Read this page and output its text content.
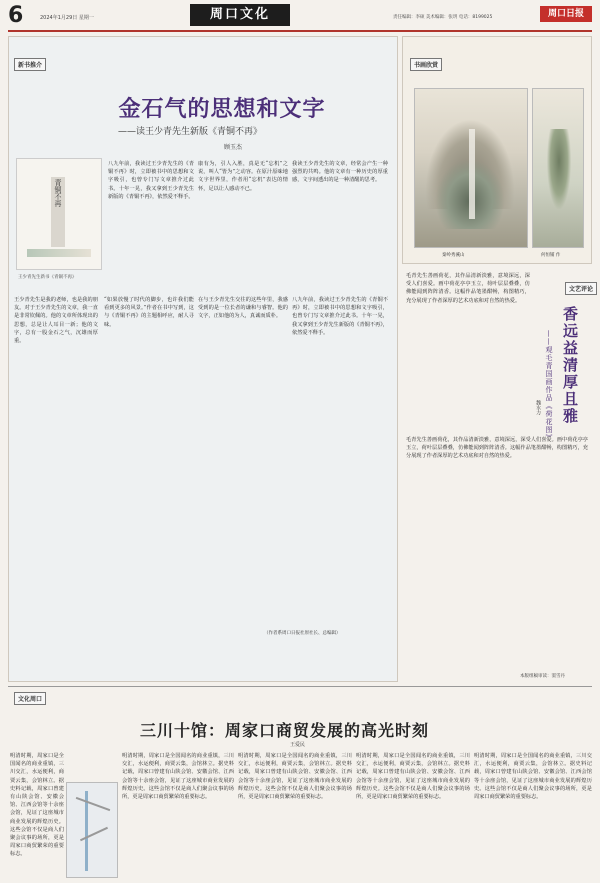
6	2024年1月29日 星期一	周口文化	责任编辑：李硕 美术编辑：张玥 电话：8199025	周口日报
新书推介
金石气的思想和文字
——读王少青先生新版《青铜不再》
顾玉杰
青铜不再
王少青先生新书《青铜不再》

八九年前，我读过王少青先生的《青铜不再》时，立即被书中的思想和文字吸引，也曾专门写文章推介过此书。十年一晃，我又拿到王少青先生新版的《青铜不再》，依然爱不释手。

康有为，引人入胜，真是无“忘机”之说，叫人“皆为”之动容。在原汁原味地文字世界里，作者用“忘机”表达的情怀，足以让人感动不已。

我读王少青先生的文章，经常会产生一种强烈的共鸣。他的文章有一种历史的厚重感，文字间透出的是一种清醒的思考。

王少青先生是我的老师，也是我的朋友。对于王少青先生的文章，我一直是非常钦佩的。他的文章所体现出的思想，总是让人耳目一新；他的文字，总有一股金石之气，沉雄而厚重。

“如果放慢了时代的脚步，也许我们能看到更多的风景。”作者在书中写到，这与《青铜不再》的主题相呼应，耐人寻味。

在与王少青先生交往的这些年里，我感受到的是一位长者的谦和与睿智。他的文字，正如他的为人，真诚而质朴。

八九年前，我读过王少青先生的《青铜不再》时，立即被书中的思想和文字吸引，也曾专门写文章推介过此书。十年一晃，我又拿到王少青先生新版的《青铜不再》，依然爱不释手。

（作者系周口日报社原社长、总编辑）
书画欣赏
秦岭秀溪山	何恒铺 作
文艺评论
香远益清厚且雅
——观毛青国画作品《荷花图》
魏水力

毛青先生善画荷花，其作品清新淡雅，意境深远，深受人们喜爱。画中荷花亭亭玉立，荷叶层层叠叠，仿佛能闻到阵阵清香。这幅作品笔墨酣畅，构图精巧，充分展现了作者深厚的艺术功底和对自然的热爱。

毛青先生善画荷花，其作品清新淡雅，意境深远，深受人们喜爱。画中荷花亭亭玉立，荷叶层层叠叠，仿佛能闻到阵阵清香。这幅作品笔墨酣畅，构图精巧，充分展现了作者深厚的艺术功底和对自然的热爱。

本版组稿审读：窦雪丹
文化周口
三川十馆：周家口商贸发展的高光时刻
王爱民

明清时期，周家口是全国闻名的商业重镇，三川交汇，水运便利，商贾云集，会馆林立。据史料记载，周家口曾建有山陕会馆、安徽会馆、江西会馆等十余座会馆，见证了这座城市商业发展的辉煌历史。这些会馆不仅是商人们聚会议事的场所，更是周家口商贸繁荣的重要标志。

明清时期，周家口是全国闻名的商业重镇，三川交汇，水运便利，商贾云集，会馆林立。据史料记载，周家口曾建有山陕会馆、安徽会馆、江西会馆等十余座会馆，见证了这座城市商业发展的辉煌历史。这些会馆不仅是商人们聚会议事的场所，更是周家口商贸繁荣的重要标志。

明清时期，周家口是全国闻名的商业重镇，三川交汇，水运便利，商贾云集，会馆林立。据史料记载，周家口曾建有山陕会馆、安徽会馆、江西会馆等十余座会馆，见证了这座城市商业发展的辉煌历史。这些会馆不仅是商人们聚会议事的场所，更是周家口商贸繁荣的重要标志。

明清时期，周家口是全国闻名的商业重镇，三川交汇，水运便利，商贾云集，会馆林立。据史料记载，周家口曾建有山陕会馆、安徽会馆、江西会馆等十余座会馆，见证了这座城市商业发展的辉煌历史。这些会馆不仅是商人们聚会议事的场所，更是周家口商贸繁荣的重要标志。

明清时期，周家口是全国闻名的商业重镇，三川交汇，水运便利，商贾云集，会馆林立。据史料记载，周家口曾建有山陕会馆、安徽会馆、江西会馆等十余座会馆，见证了这座城市商业发展的辉煌历史。这些会馆不仅是商人们聚会议事的场所，更是周家口商贸繁荣的重要标志。
